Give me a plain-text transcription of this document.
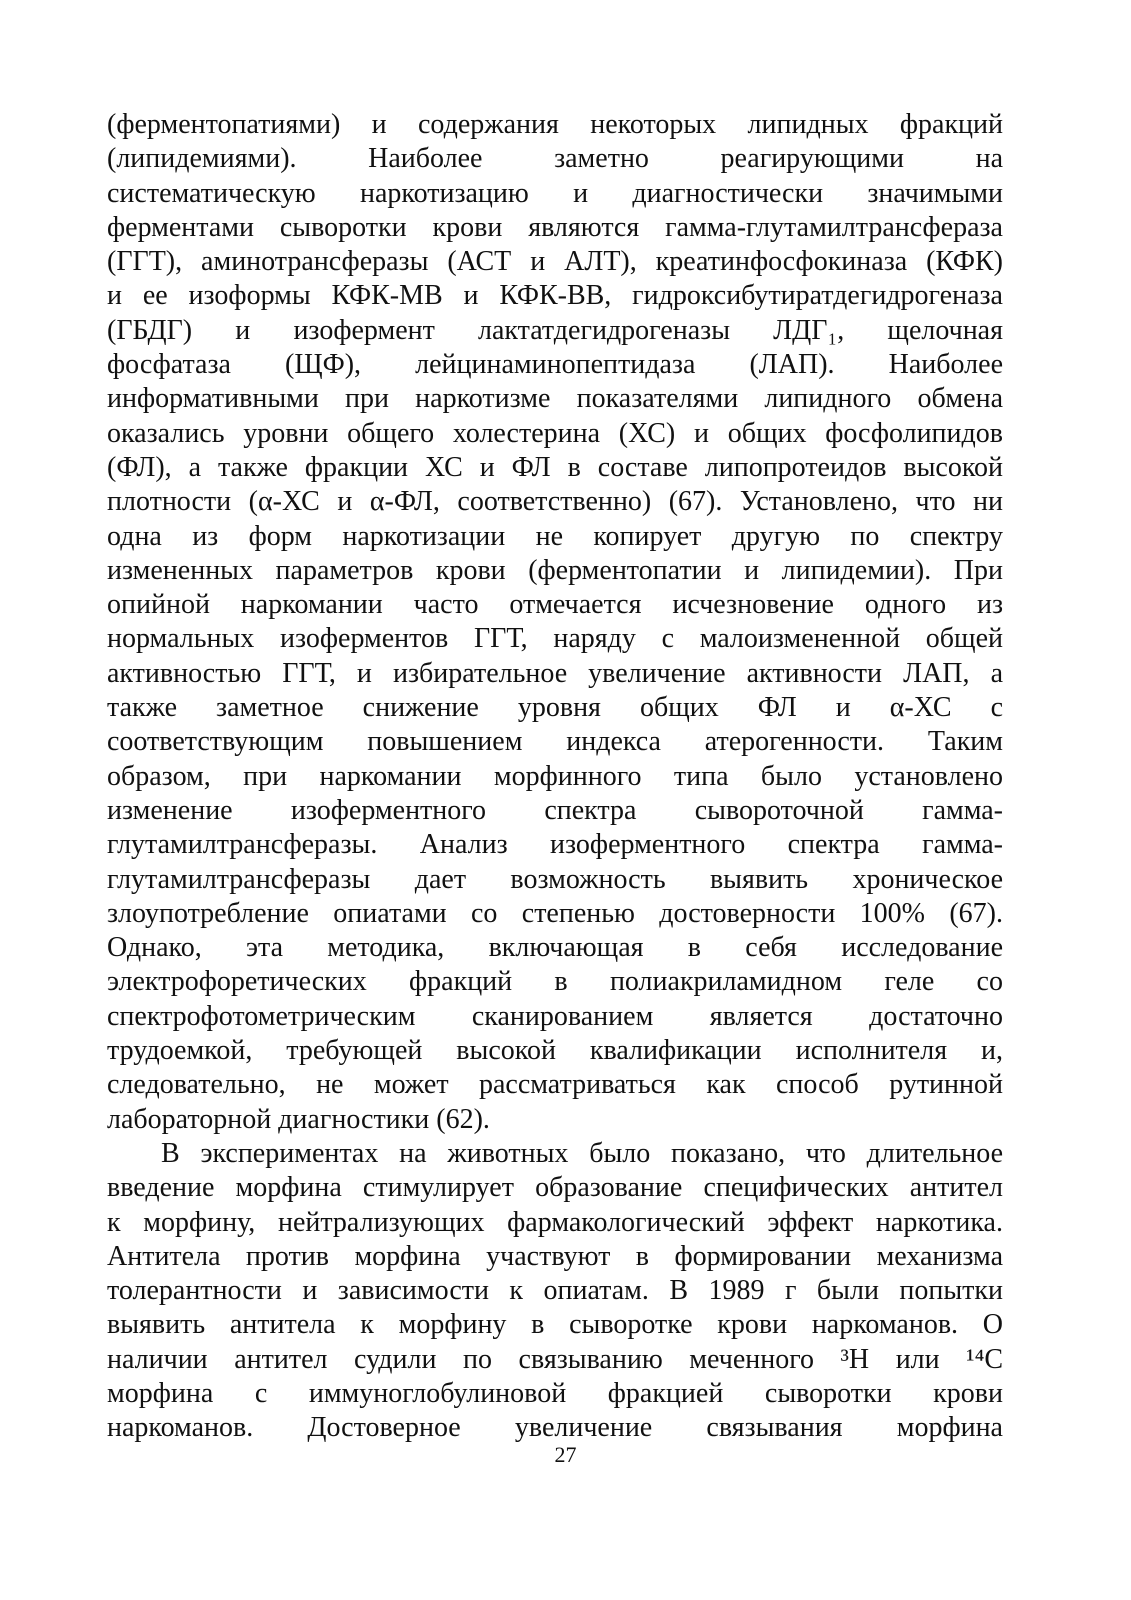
(ферментопатиями) и содержания некоторых липидных фракций
(липидемиями). Наиболее заметно реагирующими на
систематическую наркотизацию и диагностически значимыми
ферментами сыворотки крови являются гамма-глутамилтрансфераза
(ГГТ), аминотрансферазы (АСТ и АЛТ), креатинфосфокиназа (КФК)
и ее изоформы КФК-МВ и КФК-ВВ, гидроксибутиратдегидрогеназа
(ГБДГ) и изофермент лактатдегидрогеназы ЛДГ₁, щелочная
фосфатаза (ЩФ), лейцинаминопептидаза (ЛАП). Наиболее
информативными при наркотизме показателями липидного обмена
оказались уровни общего холестерина (ХС) и общих фосфолипидов
(ФЛ), а также фракции ХС и ФЛ в составе липопротеидов высокой
плотности (α-ХС и α-ФЛ, соответственно) (67). Установлено, что ни
одна из форм наркотизации не копирует другую по спектру
измененных параметров крови (ферментопатии и липидемии). При
опийной наркомании часто отмечается исчезновение одного из
нормальных изоферментов ГГТ, наряду с малоизмененной общей
активностью ГГТ, и избирательное увеличение активности ЛАП, а
также заметное снижение уровня общих ФЛ и α-ХС с
соответствующим повышением индекса атерогенности. Таким
образом, при наркомании морфинного типа было установлено
изменение изоферментного спектра сывороточной гамма-
глутамилтрансферазы. Анализ изоферментного спектра гамма-
глутамилтрансферазы дает возможность выявить хроническое
злоупотребление опиатами со степенью достоверности 100% (67).
Однако, эта методика, включающая в себя исследование
электрофоретических фракций в полиакриламидном геле со
спектрофотометрическим сканированием является достаточно
трудоемкой, требующей высокой квалификации исполнителя и,
следовательно, не может рассматриваться как способ рутинной
лабораторной диагностики (62).
В экспериментах на животных было показано, что длительное
введение морфина стимулирует образование специфических антител
к морфину, нейтрализующих фармакологический эффект наркотика.
Антитела против морфина участвуют в формировании механизма
толерантности и зависимости к опиатам. В 1989 г были попытки
выявить антитела к морфину в сыворотке крови наркоманов. О
наличии антител судили по связыванию меченного ³Н или ¹⁴С
морфина с иммуноглобулиновой фракцией сыворотки крови
наркоманов. Достоверное увеличение связывания морфина
27
